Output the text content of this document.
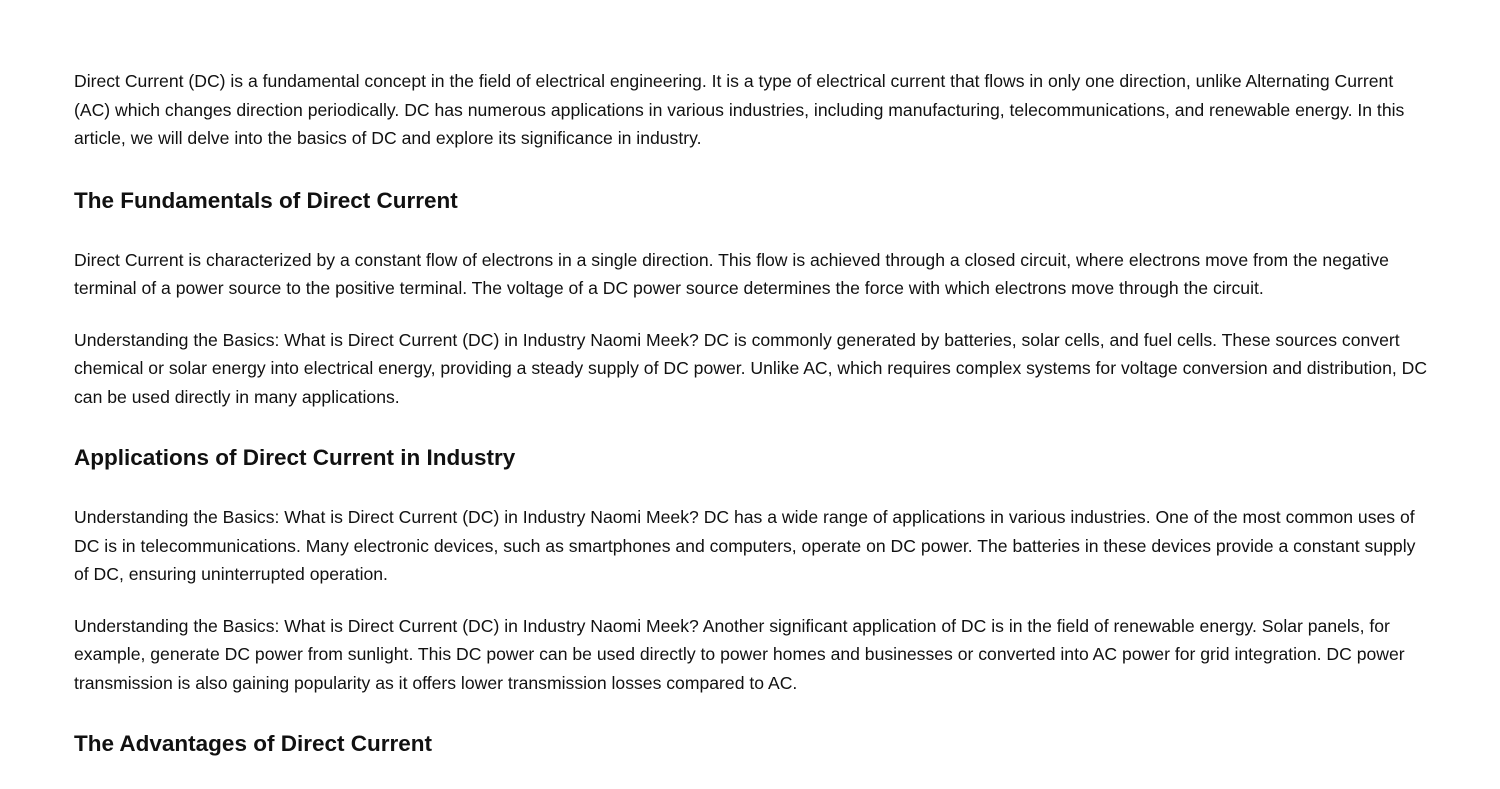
Direct Current (DC) is a fundamental concept in the field of electrical engineering. It is a type of electrical current that flows in only one direction, unlike Alternating Current (AC) which changes direction periodically. DC has numerous applications in various industries, including manufacturing, telecommunications, and renewable energy. In this article, we will delve into the basics of DC and explore its significance in industry.

The Fundamentals of Direct Current

Direct Current is characterized by a constant flow of electrons in a single direction. This flow is achieved through a closed circuit, where electrons move from the negative terminal of a power source to the positive terminal. The voltage of a DC power source determines the force with which electrons move through the circuit.

Understanding the Basics: What is Direct Current (DC) in Industry Naomi Meek? DC is commonly generated by batteries, solar cells, and fuel cells. These sources convert chemical or solar energy into electrical energy, providing a steady supply of DC power. Unlike AC, which requires complex systems for voltage conversion and distribution, DC can be used directly in many applications.

Applications of Direct Current in Industry

Understanding the Basics: What is Direct Current (DC) in Industry Naomi Meek? DC has a wide range of applications in various industries. One of the most common uses of DC is in telecommunications. Many electronic devices, such as smartphones and computers, operate on DC power. The batteries in these devices provide a constant supply of DC, ensuring uninterrupted operation.

Understanding the Basics: What is Direct Current (DC) in Industry Naomi Meek? Another significant application of DC is in the field of renewable energy. Solar panels, for example, generate DC power from sunlight. This DC power can be used directly to power homes and businesses or converted into AC power for grid integration. DC power transmission is also gaining popularity as it offers lower transmission losses compared to AC.

The Advantages of Direct Current
